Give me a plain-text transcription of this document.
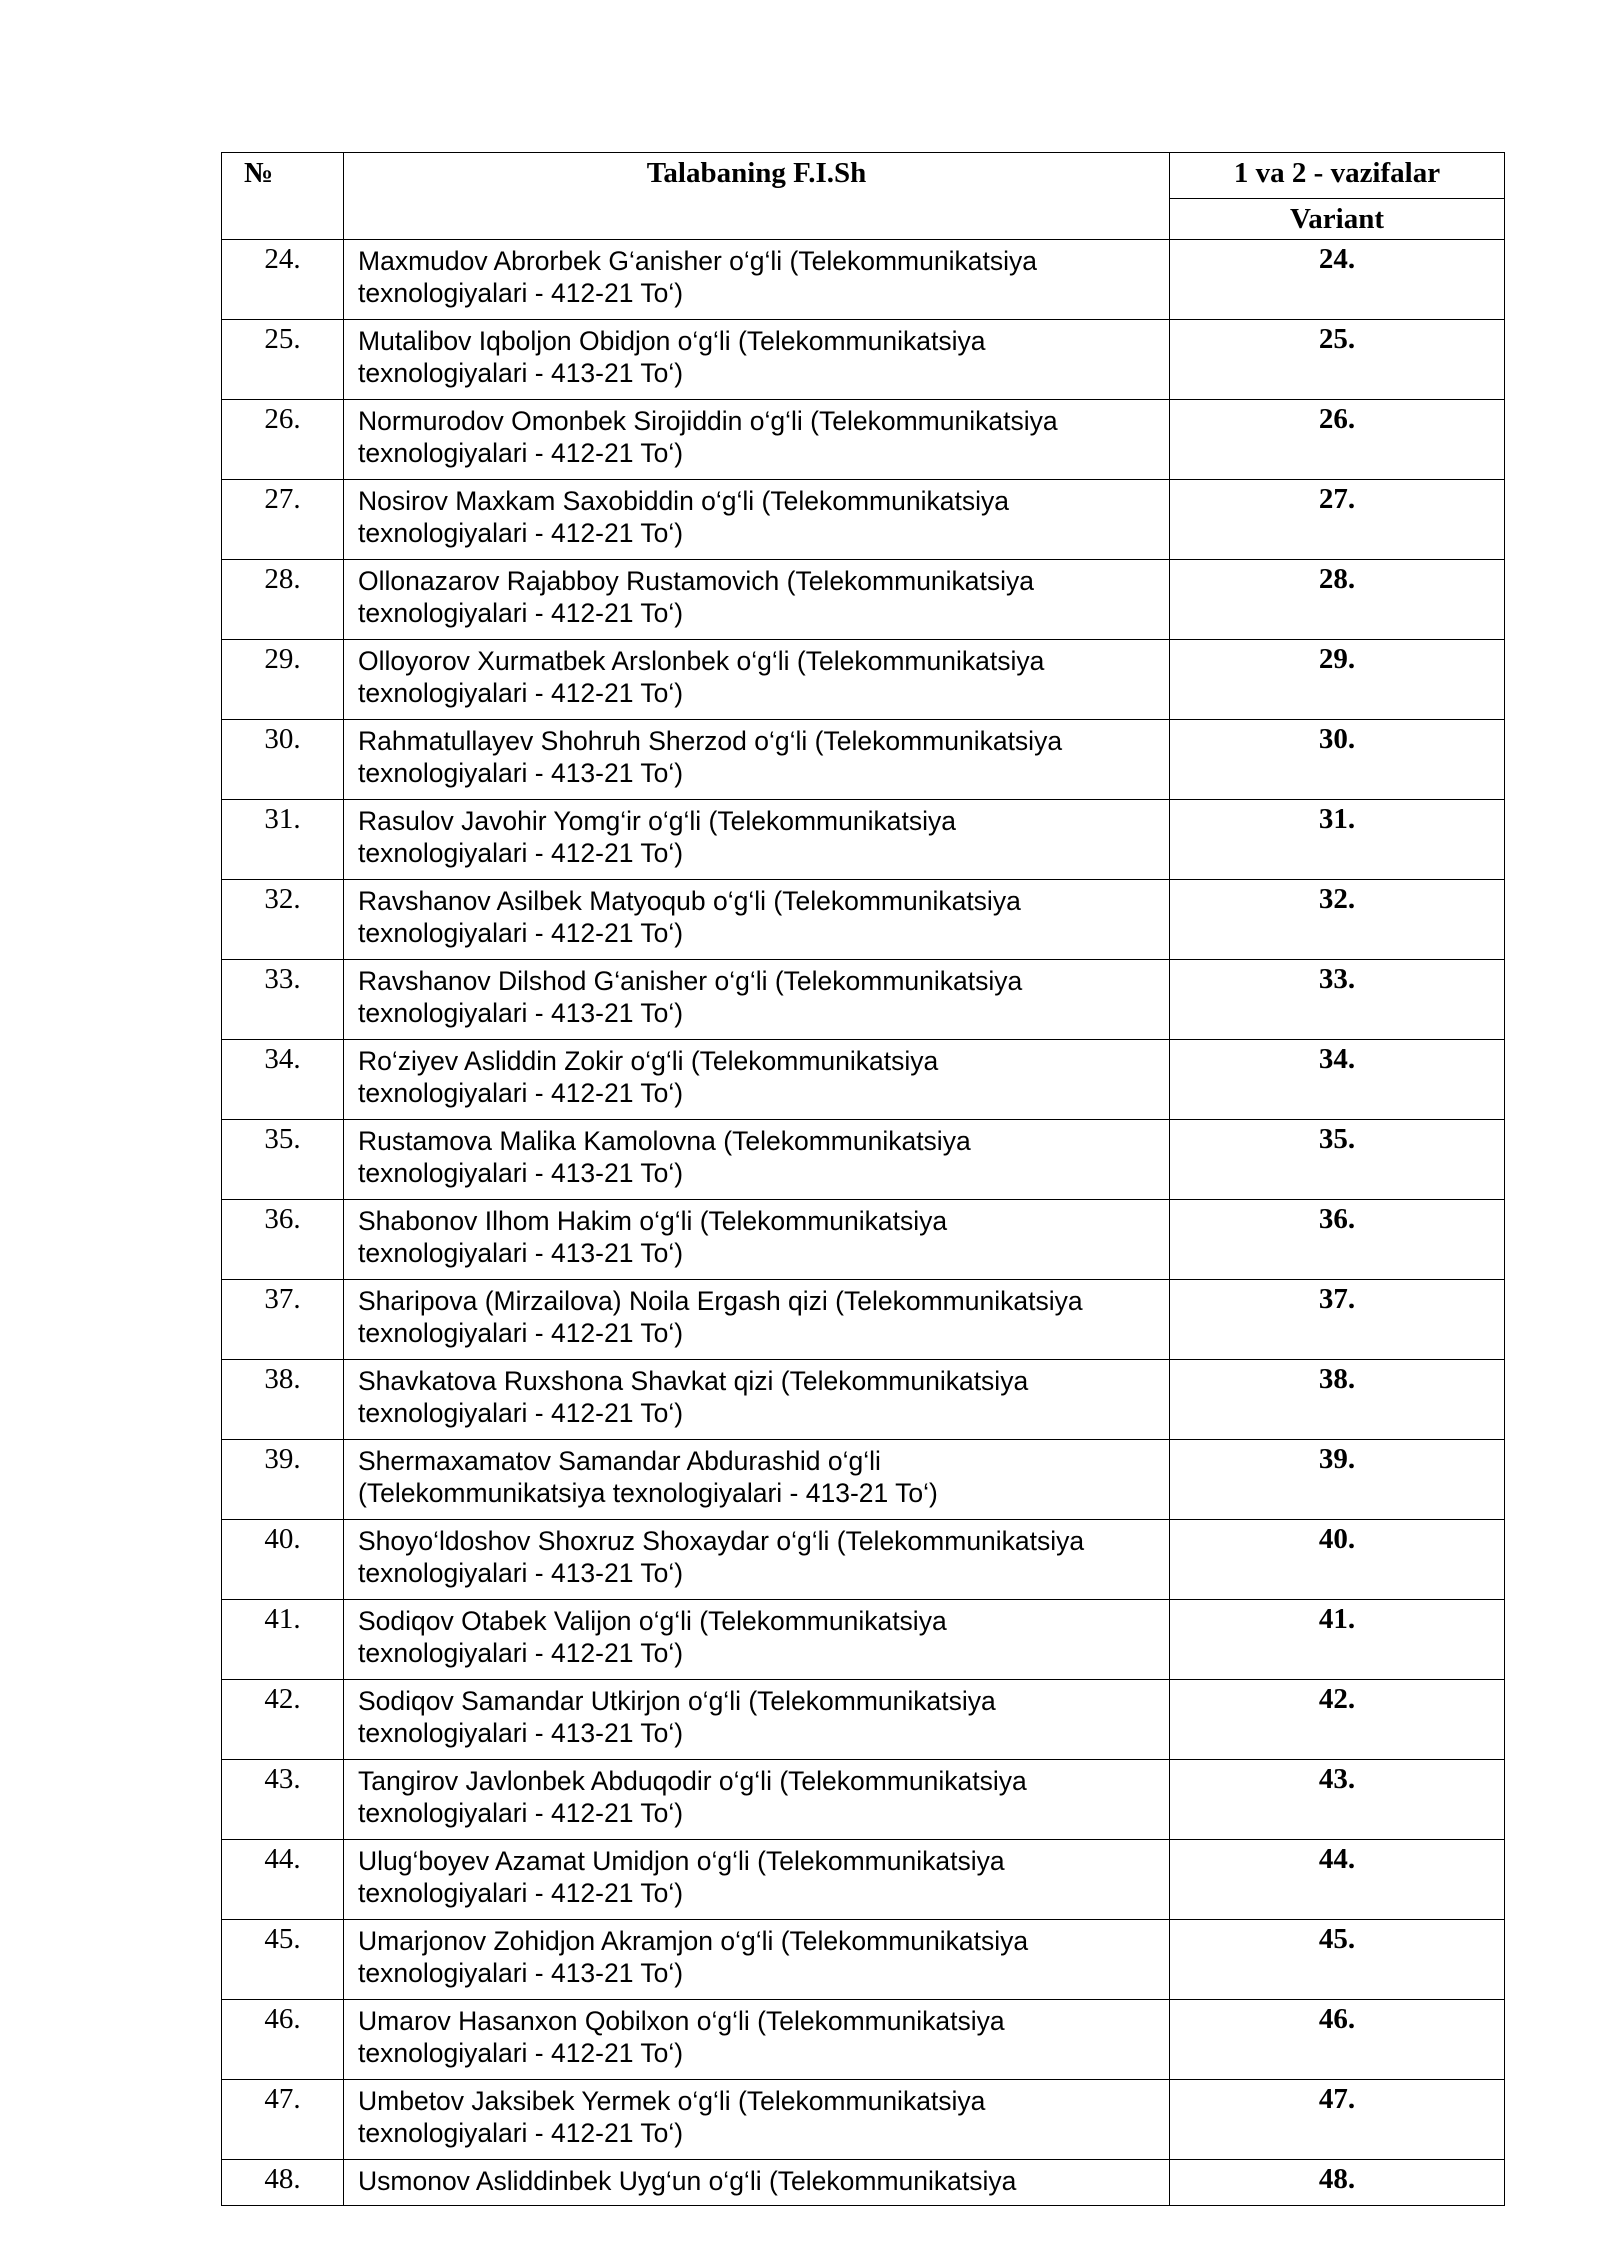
№	Talabaning F.I.Sh	1 va 2 - vazifalar
		Variant
24.	Maxmudov Abrorbek G‘anisher o‘g‘li (Telekommunikatsiya
texnologiyalari - 412-21 To‘)	24.
25.	Mutalibov Iqboljon Obidjon o‘g‘li (Telekommunikatsiya
texnologiyalari - 413-21 To‘)	25.
26.	Normurodov Omonbek Sirojiddin o‘g‘li (Telekommunikatsiya
texnologiyalari - 412-21 To‘)	26.
27.	Nosirov Maxkam Saxobiddin o‘g‘li (Telekommunikatsiya
texnologiyalari - 412-21 To‘)	27.
28.	Ollonazarov Rajabboy Rustamovich (Telekommunikatsiya
texnologiyalari - 412-21 To‘)	28.
29.	Olloyorov Xurmatbek Arslonbek o‘g‘li (Telekommunikatsiya
texnologiyalari - 412-21 To‘)	29.
30.	Rahmatullayev Shohruh Sherzod o‘g‘li (Telekommunikatsiya
texnologiyalari - 413-21 To‘)	30.
31.	Rasulov Javohir Yomg‘ir o‘g‘li (Telekommunikatsiya
texnologiyalari - 412-21 To‘)	31.
32.	Ravshanov Asilbek Matyoqub o‘g‘li (Telekommunikatsiya
texnologiyalari - 412-21 To‘)	32.
33.	Ravshanov Dilshod G‘anisher o‘g‘li (Telekommunikatsiya
texnologiyalari - 413-21 To‘)	33.
34.	Ro‘ziyev Asliddin Zokir o‘g‘li (Telekommunikatsiya
texnologiyalari - 412-21 To‘)	34.
35.	Rustamova Malika Kamolovna (Telekommunikatsiya
texnologiyalari - 413-21 To‘)	35.
36.	Shabonov Ilhom Hakim o‘g‘li (Telekommunikatsiya
texnologiyalari - 413-21 To‘)	36.
37.	Sharipova (Mirzailova) Noila Ergash qizi (Telekommunikatsiya
texnologiyalari - 412-21 To‘)	37.
38.	Shavkatova Ruxshona Shavkat qizi (Telekommunikatsiya
texnologiyalari - 412-21 To‘)	38.
39.	Shermaxamatov Samandar Abdurashid o‘g‘li
(Telekommunikatsiya texnologiyalari - 413-21 To‘)	39.
40.	Shoyo‘ldoshov Shoxruz Shoxaydar o‘g‘li (Telekommunikatsiya
texnologiyalari - 413-21 To‘)	40.
41.	Sodiqov Otabek Valijon o‘g‘li (Telekommunikatsiya
texnologiyalari - 412-21 To‘)	41.
42.	Sodiqov Samandar Utkirjon o‘g‘li (Telekommunikatsiya
texnologiyalari - 413-21 To‘)	42.
43.	Tangirov Javlonbek Abduqodir o‘g‘li (Telekommunikatsiya
texnologiyalari - 412-21 To‘)	43.
44.	Ulug‘boyev Azamat Umidjon o‘g‘li (Telekommunikatsiya
texnologiyalari - 412-21 To‘)	44.
45.	Umarjonov Zohidjon Akramjon o‘g‘li (Telekommunikatsiya
texnologiyalari - 413-21 To‘)	45.
46.	Umarov Hasanxon Qobilxon o‘g‘li (Telekommunikatsiya
texnologiyalari - 412-21 To‘)	46.
47.	Umbetov Jaksibek Yermek o‘g‘li (Telekommunikatsiya
texnologiyalari - 412-21 To‘)	47.
48.	Usmonov Asliddinbek Uyg‘un o‘g‘li (Telekommunikatsiya	48.
